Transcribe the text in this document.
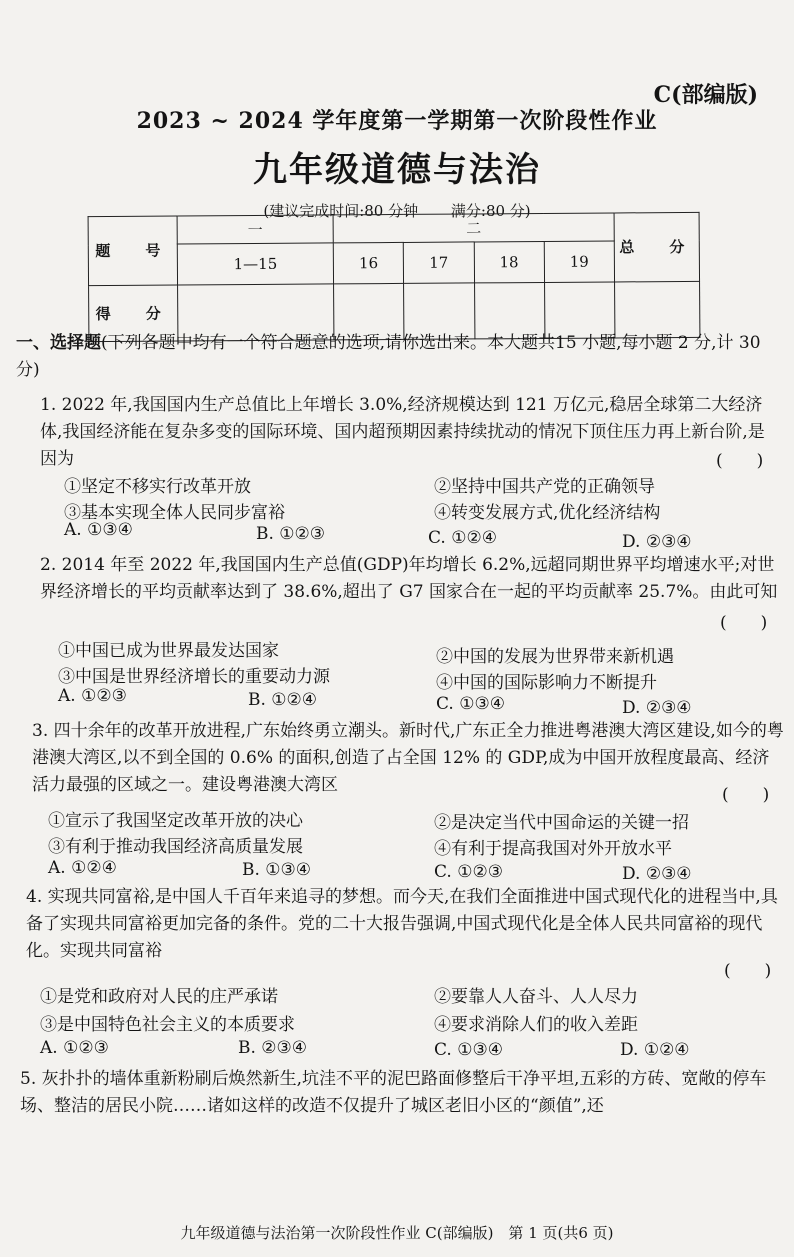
C(部编版)
2023 ~ 2024 学年度第一学期第一次阶段性作业
九年级道德与法治
(建议完成时间:80 分钟 满分:80 分)
题　号	一	二				总　分
	1—15	16	17	18	19	
得　分						
一、选择题(下列各题中均有一个符合题意的选项,请你选出来。本大题共15 小题,每小题 2 分,计 30 分)
1. 2022 年,我国国内生产总值比上年增长 3.0%,经济规模达到 121 万亿元,稳居全球第二大经济体,我国经济能在复杂多变的国际环境、国内超预期因素持续扰动的情况下顶住压力再上新台阶,是因为	(　　)
①坚定不移实行改革开放	②坚持中国共产党的正确领导
③基本实现全体人民同步富裕	④转变发展方式,优化经济结构
A. ①③④	B. ①②③	C. ①②④	D. ②③④
2. 2014 年至 2022 年,我国国内生产总值(GDP)年均增长 6.2%,远超同期世界平均增速水平;对世界经济增长的平均贡献率达到了 38.6%,超出了 G7 国家合在一起的平均贡献率 25.7%。由此可知
(　　)
①中国已成为世界最发达国家	②中国的发展为世界带来新机遇
③中国是世界经济增长的重要动力源	④中国的国际影响力不断提升
A. ①②③	B. ①②④	C. ①③④	D. ②③④
3. 四十余年的改革开放进程,广东始终勇立潮头。新时代,广东正全力推进粤港澳大湾区建设,如今的粤港澳大湾区,以不到全国的 0.6% 的面积,创造了占全国 12% 的 GDP,成为中国开放程度最高、经济活力最强的区域之一。建设粤港澳大湾区	(　　)
①宣示了我国坚定改革开放的决心	②是决定当代中国命运的关键一招
③有利于推动我国经济高质量发展	④有利于提高我国对外开放水平
A. ①②④	B. ①③④	C. ①②③	D. ②③④
4. 实现共同富裕,是中国人千百年来追寻的梦想。而今天,在我们全面推进中国式现代化的进程当中,具备了实现共同富裕更加完备的条件。党的二十大报告强调,中国式现代化是全体人民共同富裕的现代化。实现共同富裕
(　　)
①是党和政府对人民的庄严承诺	②要靠人人奋斗、人人尽力
③是中国特色社会主义的本质要求	④要求消除人们的收入差距
A. ①②③	B. ②③④	C. ①③④	D. ①②④
5. 灰扑扑的墙体重新粉刷后焕然新生,坑洼不平的泥巴路面修整后干净平坦,五彩的方砖、宽敞的停车场、整洁的居民小院……诸如这样的改造不仅提升了城区老旧小区的“颜值”,还
九年级道德与法治第一次阶段性作业 C(部编版)　第 1 页(共6 页)
